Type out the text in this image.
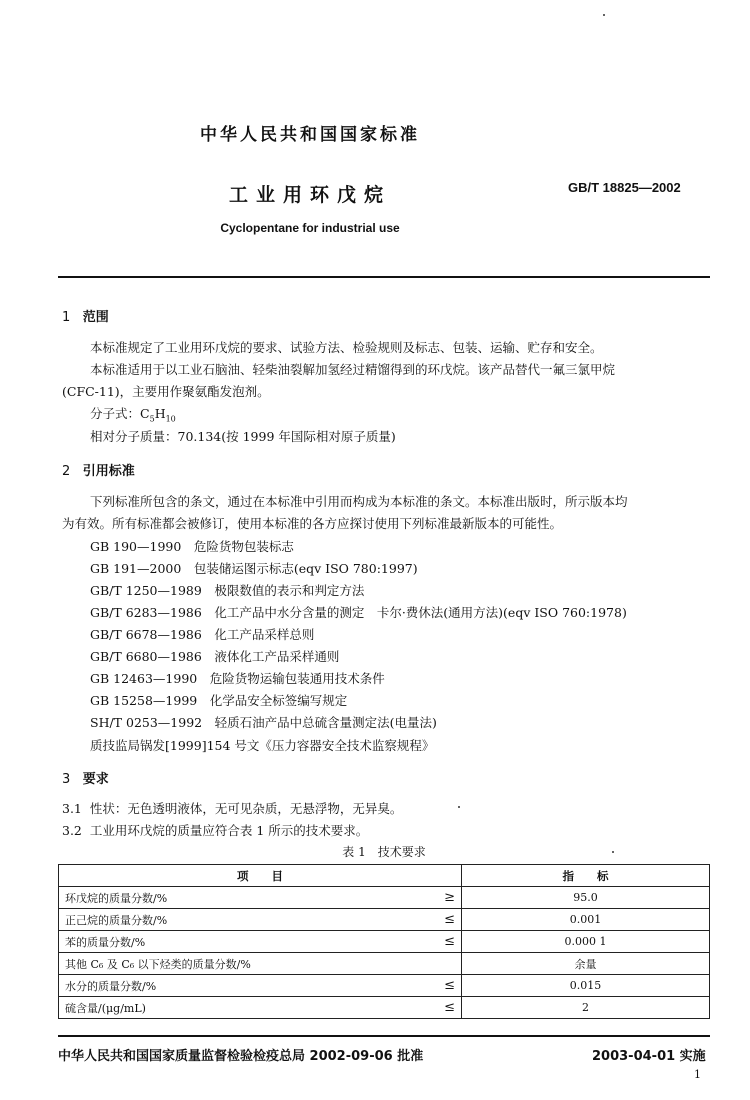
中华人民共和国国家标准
工业用环戊烷	GB/T 18825—2002
Cyclopentane for industrial use
1 范围
本标准规定了工业用环戊烷的要求、试验方法、检验规则及标志、包装、运输、贮存和安全。
本标准适用于以工业石脑油、轻柴油裂解加氢经过精馏得到的环戊烷。该产品替代一氟三氯甲烷
(CFC-11)，主要用作聚氨酯发泡剂。
分子式：$C_5H_{10}$
相对分子质量：70.134(按 1999 年国际相对原子质量)
2 引用标准
下列标准所包含的条文，通过在本标准中引用而构成为本标准的条文。本标准出版时，所示版本均
为有效。所有标准都会被修订，使用本标准的各方应探讨使用下列标准最新版本的可能性。
GB 190—1990　危险货物包装标志
GB 191—2000　包装储运图示标志(eqv ISO 780:1997)
GB/T 1250—1989　极限数值的表示和判定方法
GB/T 6283—1986　化工产品中水分含量的测定　卡尔·费休法(通用方法)(eqv ISO 760:1978)
GB/T 6678—1986　化工产品采样总则
GB/T 6680—1986　液体化工产品采样通则
GB 12463—1990　危险货物运输包装通用技术条件
GB 15258—1999　化学品安全标签编写规定
SH/T 0253—1992　轻质石油产品中总硫含量测定法(电量法)
质技监局锅发[1999]154 号文《压力容器安全技术监察规程》
3 要求
3.1 性状：无色透明液体，无可见杂质，无悬浮物，无异臭。
3.2 工业用环戊烷的质量应符合表 1 所示的技术要求。
表 1　技术要求
项　　目		指　　标
环戊烷的质量分数/%	≥	95.0
正己烷的质量分数/%	≤	0.001
苯的质量分数/%	≤	0.000 1
其他 C₆ 及 C₆ 以下烃类的质量分数/%		余量
水分的质量分数/%	≤	0.015
硫含量/(μg/mL)	≤	2
中华人民共和国国家质量监督检验检疫总局 2002-09-06 批准	2003-04-01 实施
1
